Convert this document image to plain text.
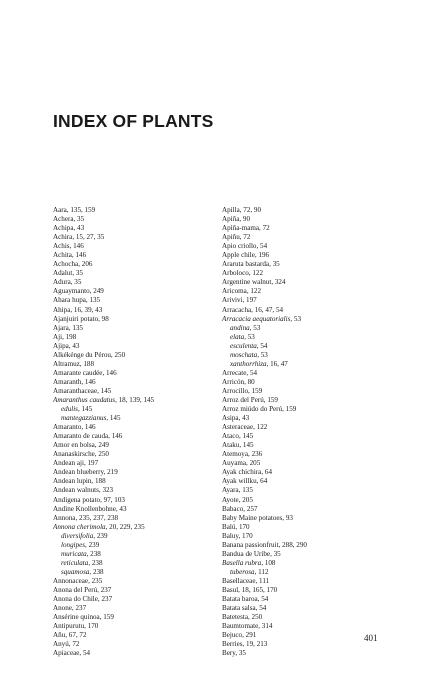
INDEX OF PLANTS
Aara, 135, 159
Achera, 35
Achipa, 43
Achira, 15, 27, 35
Achis, 146
Achita, 146
Achocha, 206
Adalut, 35
Adura, 35
Aguaymanto, 249
Ahara hupa, 135
Ahipa, 16, 39, 43
Ajanjuiri potato, 98
Ajara, 135
Aji, 198
Ajipa, 43
Alkékénge du Pérou, 250
Altramuz, 188
Amarante caudée, 146
Amaranth, 146
Amaranthaceae, 145
Amaranthus caudatus, 18, 139, 145
edulis, 145
mantegazzianus, 145
Amaranto, 146
Amaranto de cauda, 146
Amor en bolsa, 249
Ananaskirsche, 250
Andean aji, 197
Andean blueberry, 219
Andean lupin, 188
Andean walnuts, 323
Andigena potato, 97, 103
Andine Knollenbohne, 43
Annona, 235, 237, 238
Annona cherimola, 20, 229, 235
diversifolia, 239
longipes, 239
muricata, 238
reticulata, 238
squamosa, 238
Annonaceae, 235
Anona del Perú, 237
Anona do Chile, 237
Anone, 237
Ansérine quinoa, 159
Antipurutu, 170
Añu, 67, 72
Anyú, 72
Apiaceae, 54
Apilla, 72, 90
Apiña, 90
Apiña-mama, 72
Apiñu, 72
Apio criollo, 54
Apple chile, 196
Araruta bastarda, 35
Arboloco, 122
Argentine walnut, 324
Aricoma, 122
Arivivi, 197
Arracacha, 16, 47, 54
Arracacia aequatorialis, 53
andina, 53
elata, 53
esculenta, 54
moschata, 53
xanthorrhiza, 16, 47
Arrecate, 54
Arricón, 80
Arrocillo, 159
Arroz del Perú, 159
Arroz miúdo do Perú, 159
Asipa, 43
Asteraceae, 122
Ataco, 145
Ataku, 145
Atemoya, 236
Auyama, 205
Ayak chichira, 64
Ayak willku, 64
Ayara, 135
Ayote, 205
Babaco, 257
Baby Maine potatoes, 93
Balú, 170
Baluy, 170
Banana passionfruit, 288, 290
Bandua de Uribe, 35
Basella rubra, 108
tuberosa, 112
Basellaceae, 111
Basul, 18, 165, 170
Batata baroa, 54
Batata salsa, 54
Batetesta, 250
Baumtomate, 314
Bejuco, 291
Berries, 19, 213
Bery, 35
401
